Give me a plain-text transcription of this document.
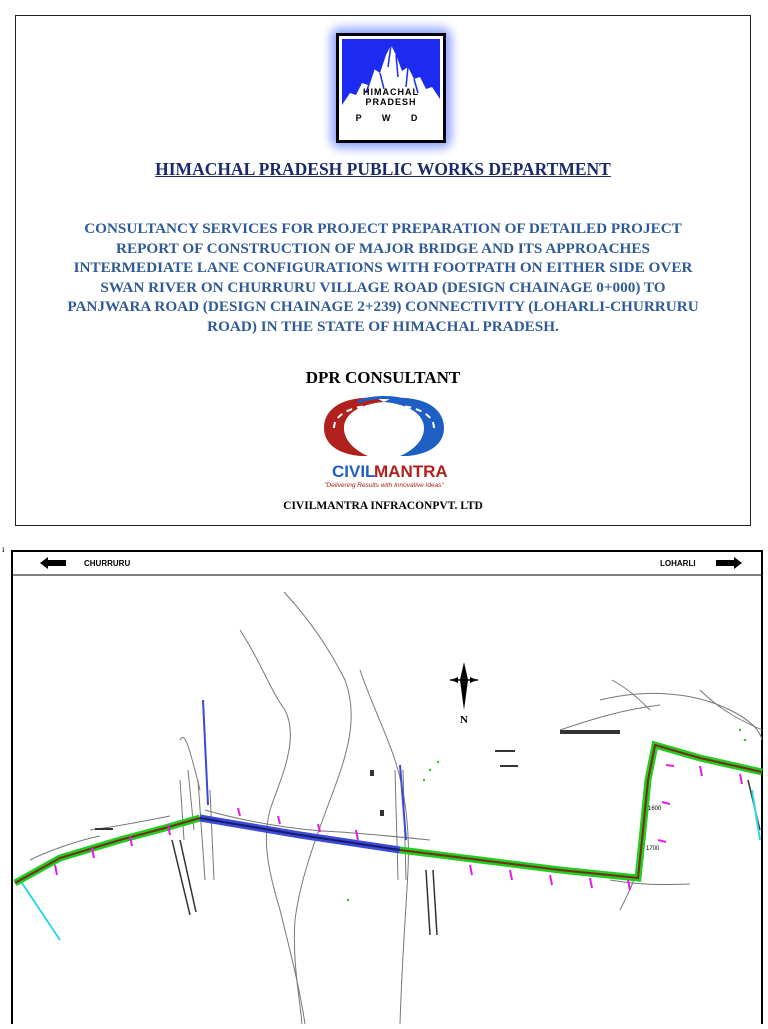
HIMACHAL
PRADESH
P W D
HIMACHAL PRADESH PUBLIC WORKS DEPARTMENT
CONSULTANCY SERVICES FOR PROJECT PREPARATION OF DETAILED PROJECT
REPORT OF CONSTRUCTION OF MAJOR BRIDGE AND ITS APPROACHES
INTERMEDIATE LANE CONFIGURATIONS WITH FOOTPATH ON EITHER SIDE OVER
SWAN RIVER ON CHURRURU VILLAGE ROAD (DESIGN CHAINAGE 0+000) TO
PANJWARA ROAD (DESIGN CHAINAGE 2+239) CONNECTIVITY (LOHARLI-CHURRURU
ROAD) IN THE STATE OF HIMACHAL PRADESH.
DPR CONSULTANT
CIVIL
MANTRA
"Delivering Results with Innovative Ideas"
CIVILMANTRA INFRACONPVT. LTD
ı
CHURRURU	LOHARLI
N
1600
1700
